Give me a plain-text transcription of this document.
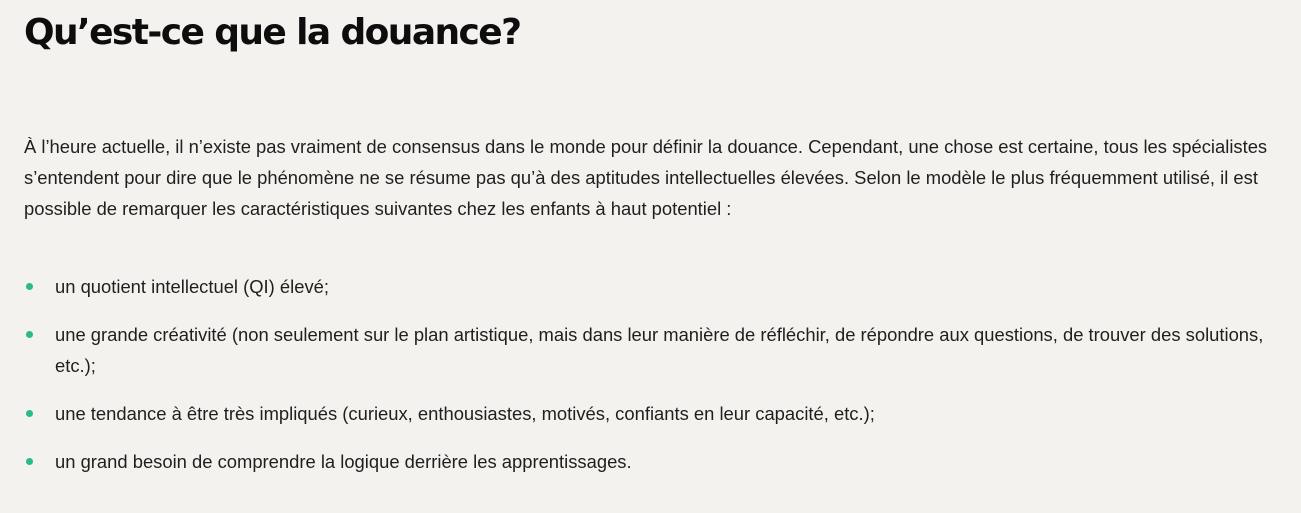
Qu’est-ce que la douance?

À l’heure actuelle, il n’existe pas vraiment de consensus dans le monde pour définir la douance. Cependant, une chose est certaine, tous les spécialistes s’entendent pour dire que le phénomène ne se résume pas qu’à des aptitudes intellectuelles élevées. Selon le modèle le plus fréquemment utilisé, il est possible de remarquer les caractéristiques suivantes chez les enfants à haut potentiel :

un quotient intellectuel (QI) élevé;
une grande créativité (non seulement sur le plan artistique, mais dans leur manière de réfléchir, de répondre aux questions, de trouver des solutions, etc.);
une tendance à être très impliqués (curieux, enthousiastes, motivés, confiants en leur capacité, etc.);
un grand besoin de comprendre la logique derrière les apprentissages.
